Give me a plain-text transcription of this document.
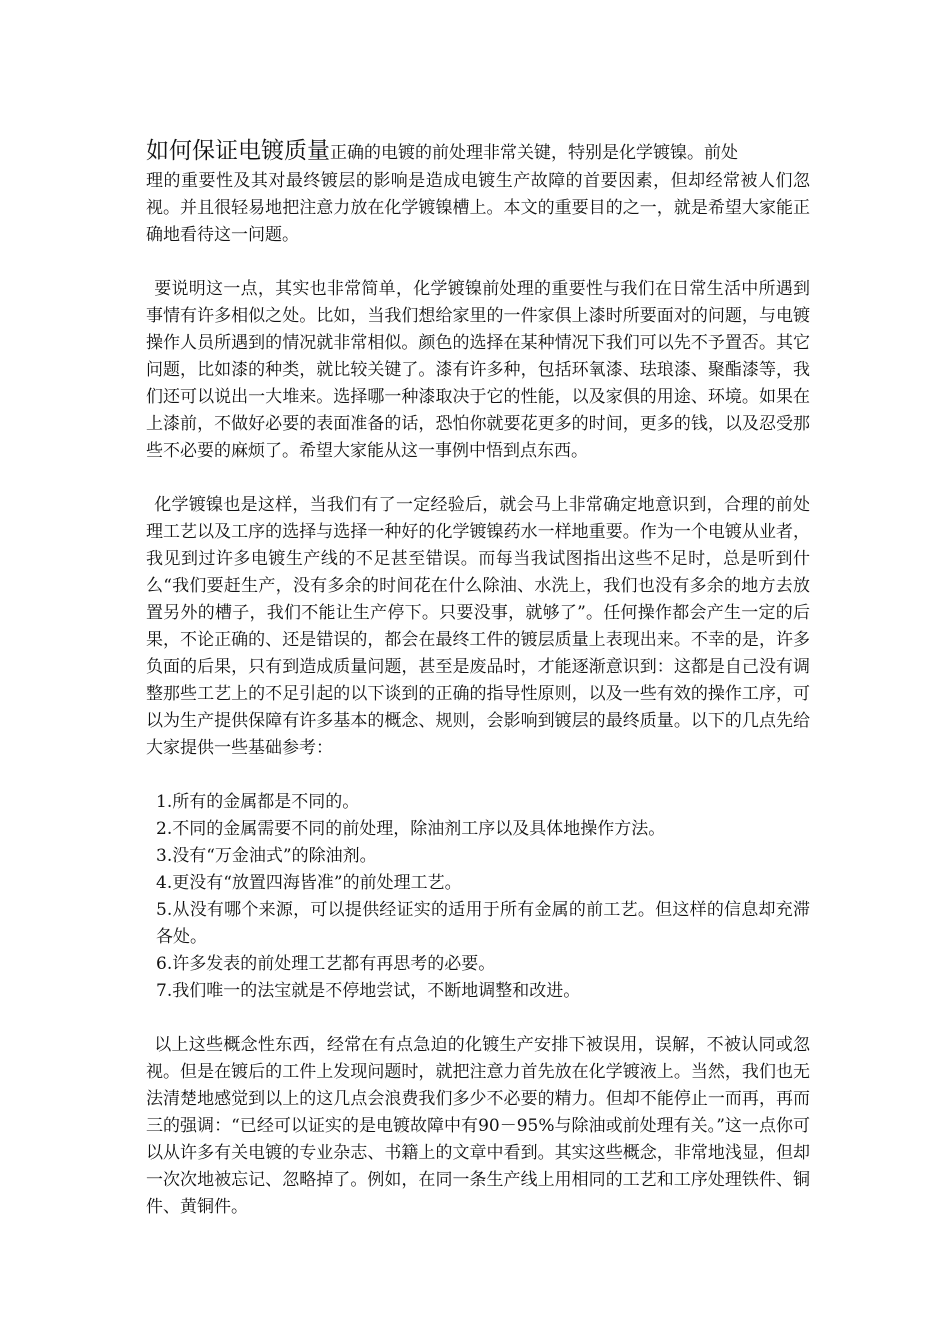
如何保证电镀质量正确的电镀的前处理非常关键，特别是化学镀镍。前处
理的重要性及其对最终镀层的影响是造成电镀生产故障的首要因素，但却经常被人们忽视。并且很轻易地把注意力放在化学镀镍槽上。本文的重要目的之一，就是希望大家能正确地看待这一问题。

要说明这一点，其实也非常简单，化学镀镍前处理的重要性与我们在日常生活中所遇到事情有许多相似之处。比如，当我们想给家里的一件家俱上漆时所要面对的问题，与电镀操作人员所遇到的情况就非常相似。颜色的选择在某种情况下我们可以先不予置否。其它问题，比如漆的种类，就比较关键了。漆有许多种，包括环氧漆、珐琅漆、聚酯漆等，我们还可以说出一大堆来。选择哪一种漆取决于它的性能，以及家俱的用途、环境。如果在上漆前，不做好必要的表面准备的话，恐怕你就要花更多的时间，更多的钱，以及忍受那些不必要的麻烦了。希望大家能从这一事例中悟到点东西。

化学镀镍也是这样，当我们有了一定经验后，就会马上非常确定地意识到，合理的前处理工艺以及工序的选择与选择一种好的化学镀镍药水一样地重要。作为一个电镀从业者，我见到过许多电镀生产线的不足甚至错误。而每当我试图指出这些不足时，总是听到什么“我们要赶生产，没有多余的时间花在什么除油、水洗上，我们也没有多余的地方去放置另外的槽子，我们不能让生产停下。只要没事，就够了”。任何操作都会产生一定的后果，不论正确的、还是错误的，都会在最终工件的镀层质量上表现出来。不幸的是，许多负面的后果，只有到造成质量问题，甚至是废品时，才能逐渐意识到：这都是自己没有调整那些工艺上的不足引起的以下谈到的正确的指导性原则，以及一些有效的操作工序，可以为生产提供保障有许多基本的概念、规则，会影响到镀层的最终质量。以下的几点先给大家提供一些基础参考：

1.所有的金属都是不同的。
2.不同的金属需要不同的前处理，除油剂工序以及具体地操作方法。
3.没有“万金油式”的除油剂。
4.更没有“放置四海皆准”的前处理工艺。
5.从没有哪个来源，可以提供经证实的适用于所有金属的前工艺。但这样的信息却充滞各处。
6.许多发表的前处理工艺都有再思考的必要。
7.我们唯一的法宝就是不停地尝试，不断地调整和改进。

以上这些概念性东西，经常在有点急迫的化镀生产安排下被误用，误解，不被认同或忽视。但是在镀后的工件上发现问题时，就把注意力首先放在化学镀液上。当然，我们也无法清楚地感觉到以上的这几点会浪费我们多少不必要的精力。但却不能停止一而再，再而三的强调：“已经可以证实的是电镀故障中有90－95%与除油或前处理有关。”这一点你可以从许多有关电镀的专业杂志、书籍上的文章中看到。其实这些概念，非常地浅显，但却一次次地被忘记、忽略掉了。例如，在同一条生产线上用相同的工艺和工序处理铁件、铜件、黄铜件。
